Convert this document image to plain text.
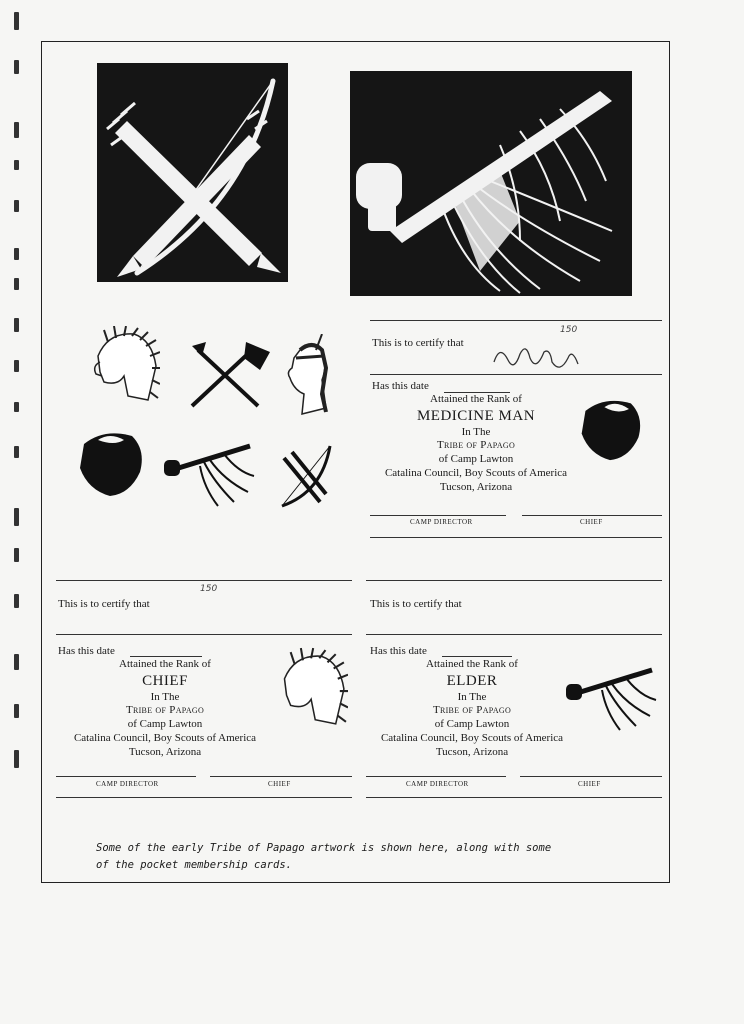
This is to certify that
150
Has this date
Attained the Rank of
MEDICINE MAN
In The
Tribe of Papago
of Camp Lawton
Catalina Council, Boy Scouts of America
Tucson, Arizona
CAMP DIRECTOR	CHIEF
This is to certify that
150
Has this date
Attained the Rank of
CHIEF
In The
Tribe of Papago
of Camp Lawton
Catalina Council, Boy Scouts of America
Tucson, Arizona
CAMP DIRECTOR	CHIEF
This is to certify that
Has this date
Attained the Rank of
ELDER
In The
Tribe of Papago
of Camp Lawton
Catalina Council, Boy Scouts of America
Tucson, Arizona
CAMP DIRECTOR	CHIEF
Some of the early Tribe of Papago artwork is shown here, along with some
of the pocket membership cards.
